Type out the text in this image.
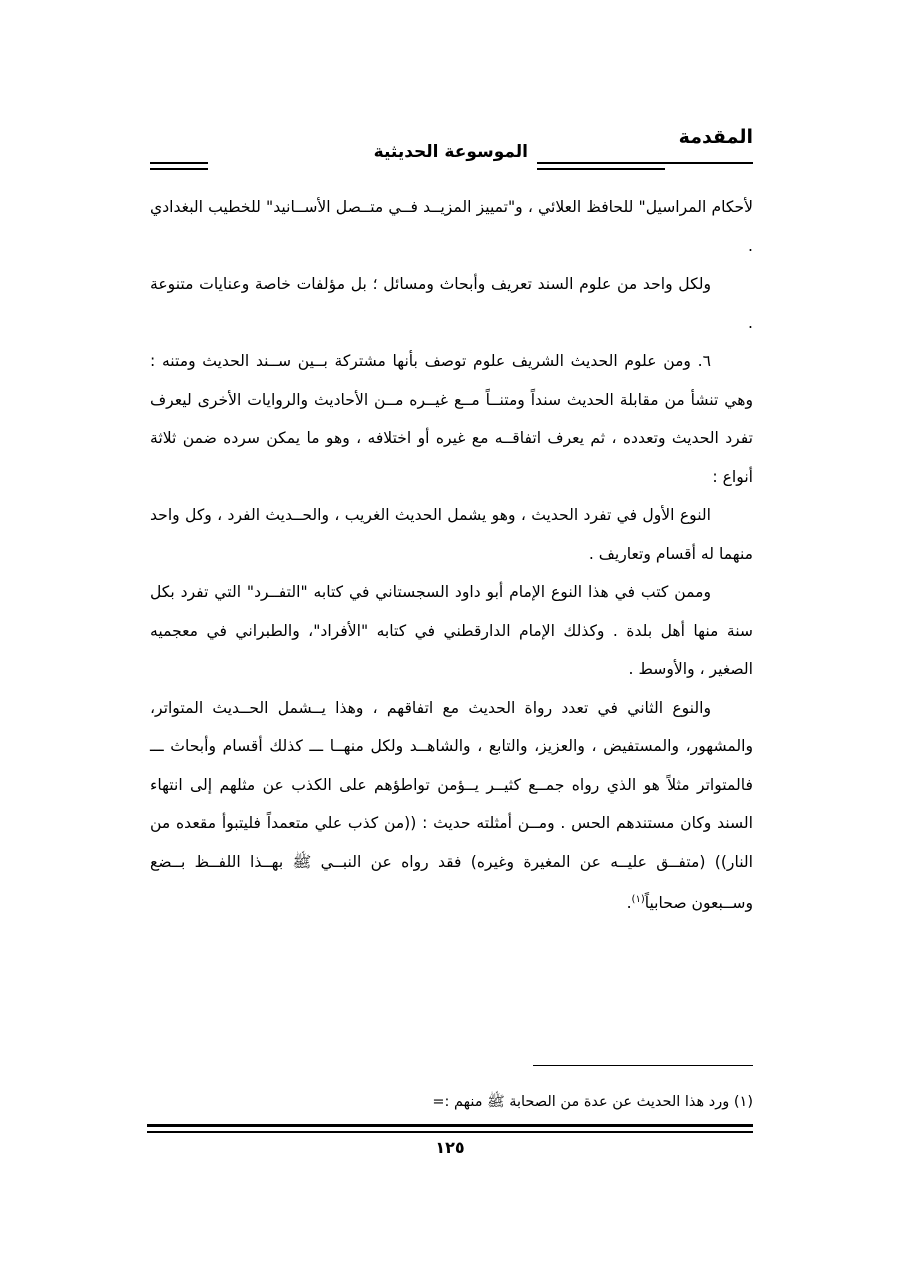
المقدمة
الموسوعة الحديثية

لأحكام المراسيل" للحافظ العلائي ، و"تمييز المزيــد فــي متــصل الأســانيد" للخطيب البغدادي .

ولكل واحد من علوم السند تعريف وأبحاث ومسائل ؛ بل مؤلفات خاصة وعنايات متنوعة .

٦. ومن علوم الحديث الشريف علوم توصف بأنها مشتركة بــين ســند الحديث ومتنه : وهي تنشأ من مقابلة الحديث سنداً ومتنــاً مــع غيــره مــن الأحاديث والروايات الأخرى ليعرف تفرد الحديث وتعدده ، ثم يعرف اتفاقــه مع غيره أو اختلافه ، وهو ما يمكن سرده ضمن ثلاثة أنواع :

النوع الأول في تفرد الحديث ، وهو يشمل الحديث الغريب ، والحــديث الفرد ، وكل واحد منهما له أقسام وتعاريف .

وممن كتب في هذا النوع الإمام أبو داود السجستاني في كتابه "التفــرد" التي تفرد بكل سنة منها أهل بلدة . وكذلك الإمام الدارقطني في كتابه "الأفراد"، والطبراني في معجميه الصغير ، والأوسط .

والنوع الثاني في تعدد رواة الحديث مع اتفاقهم ، وهذا يــشمل الحــديث المتواتر، والمشهور، والمستفيض ، والعزيز، والتابع ، والشاهــد ولكل منهــا ـــ كذلك أقسام وأبحاث ـــ فالمتواتر مثلاً هو الذي رواه جمــع كثيــر يــؤمن تواطؤهم على الكذب عن مثلهم إلى انتهاء السند وكان مستندهم الحس . ومــن أمثلته حديث : ((من كذب علي متعمداً فليتبوأ مقعده من النار)) (متفــق عليــه عن المغيرة وغيره) فقد رواه عن النبــي ﷺ بهــذا اللفــظ بــضع وســبعون صحابياً$^{(١)}$.

(١) ورد هذا الحديث عن عدة من الصحابة ﷺ منهم :=
١٢٥
